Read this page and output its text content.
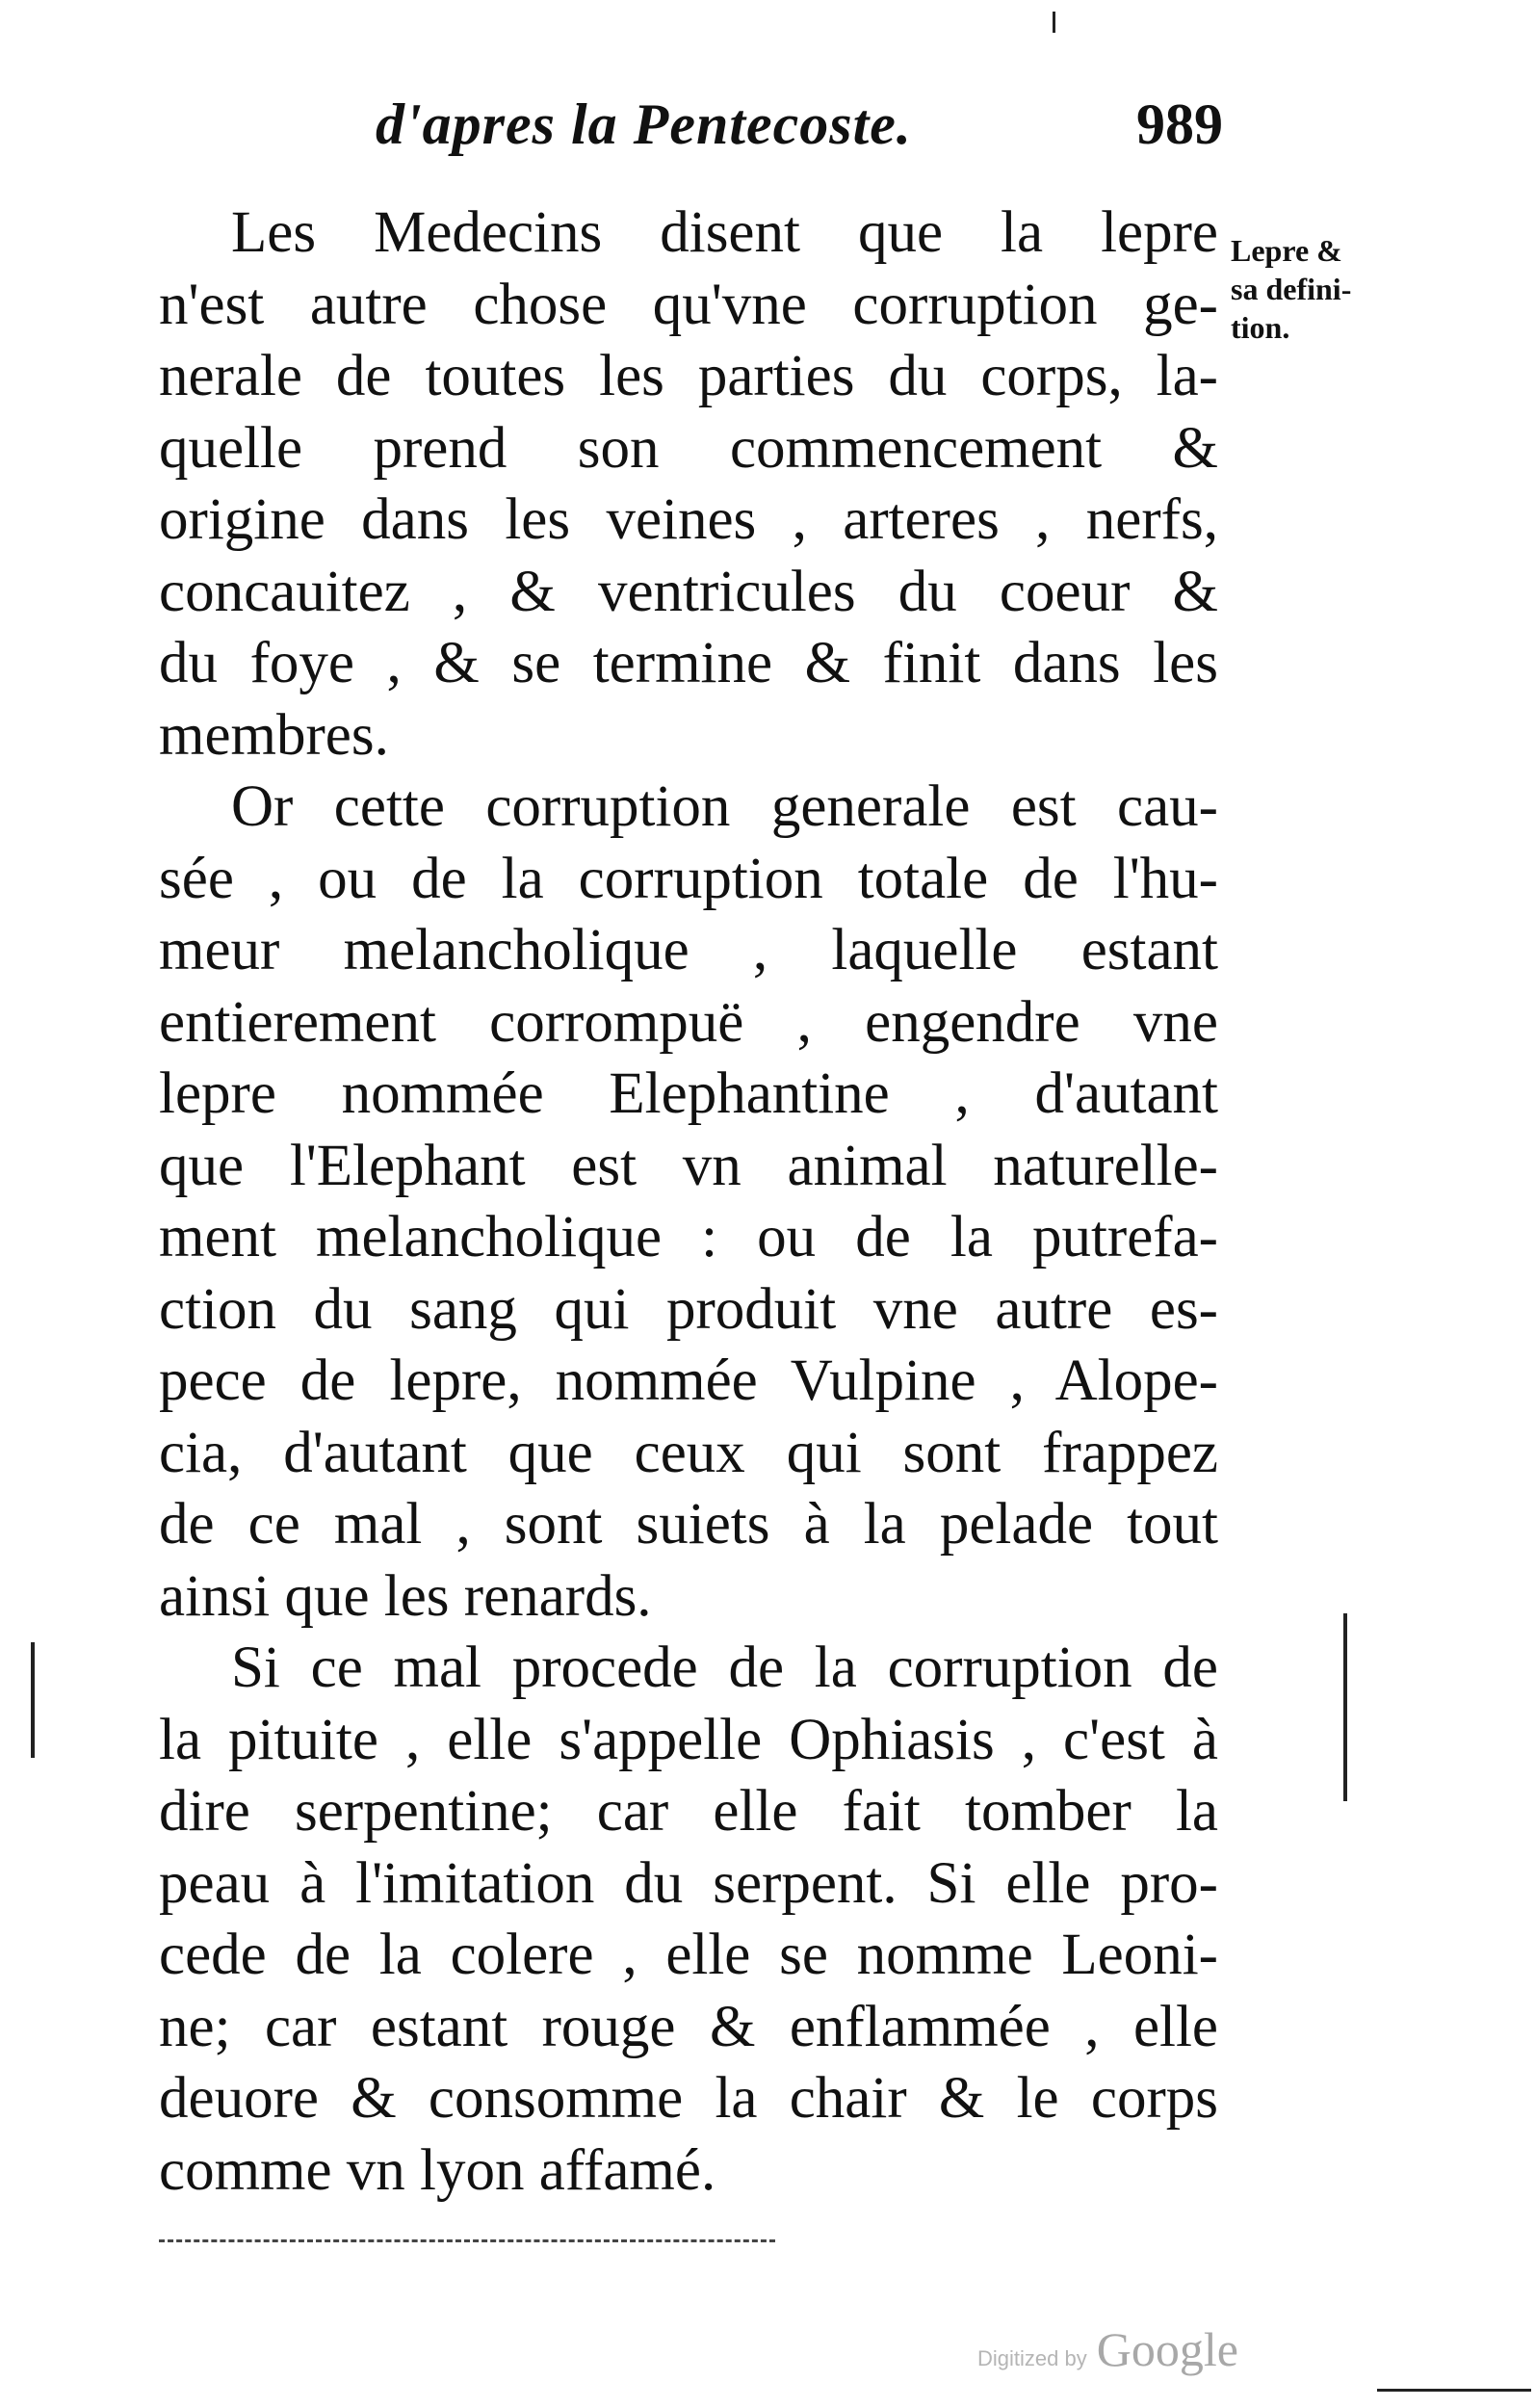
d'apres la Pentecoste.	989

Les Medecins disent que la lepre
n'est autre chose qu'vne corruption ge-
nerale de toutes les parties du corps, la-
quelle prend son commencement &
origine dans les veines , arteres , nerfs,
concauitez , & ventricules du coeur &
du foye , & se termine & finit dans les
membres.

Or cette corruption generale est cau-
sée , ou de la corruption totale de l'hu-
meur melancholique , laquelle estant
entierement corrompuë , engendre vne
lepre nommée Elephantine , d'autant
que l'Elephant est vn animal naturelle-
ment melancholique : ou de la putrefa-
ction du sang qui produit vne autre es-
pece de lepre, nommée Vulpine , Alope-
cia, d'autant que ceux qui sont frappez
de ce mal , sont suiets à la pelade tout
ainsi que les renards.

Si ce mal procede de la corruption de
la pituite , elle s'appelle Ophiasis , c'est à
dire serpentine; car elle fait tomber la
peau à l'imitation du serpent. Si elle pro-
cede de la colere , elle se nomme Leoni-
ne; car estant rouge & enflammée , elle
deuore & consomme la chair & le corps
comme vn lyon affamé.

Lepre &
sa defini-
tion.
Digitized by Google
